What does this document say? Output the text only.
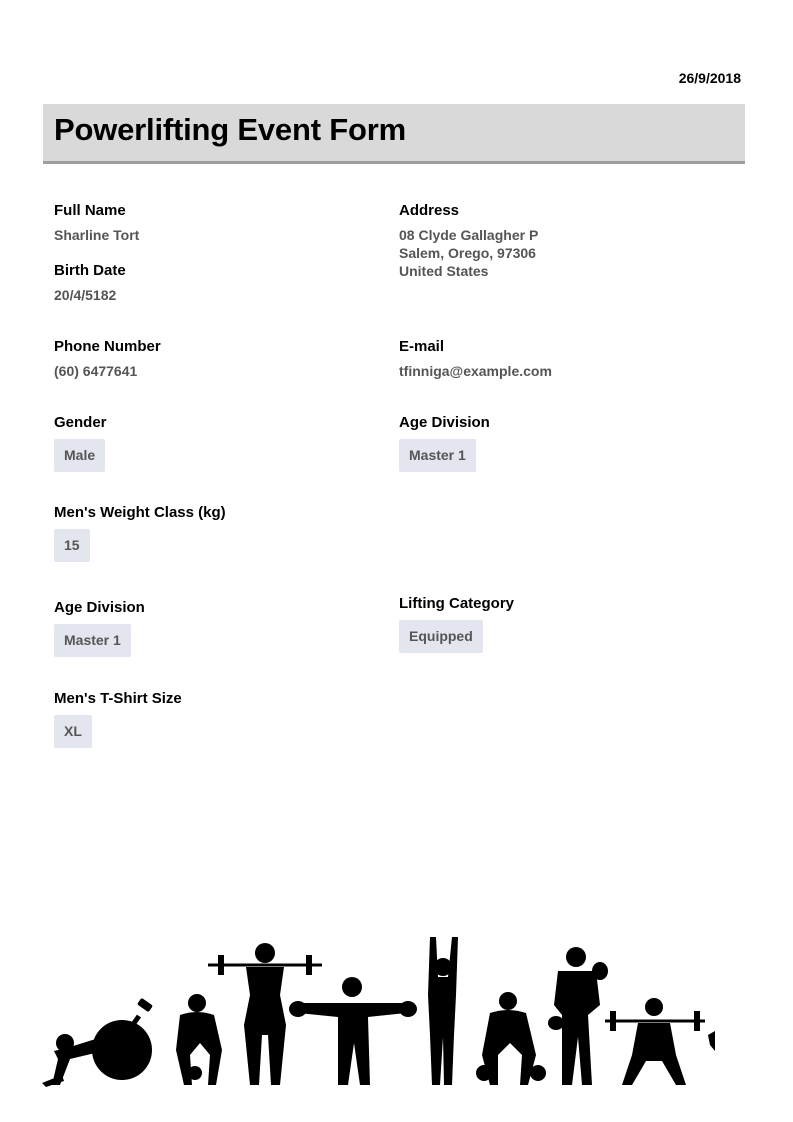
26/9/2018
Powerlifting Event Form
Full Name
Sharline Tort
Birth Date
20/4/5182
Phone Number
(60) 6477641
Gender
Male
Men's Weight Class (kg)
15
Age Division
Master 1
Men's T-Shirt Size
XL
Address
08 Clyde Gallagher P
Salem, Orego, 97306
United States
E-mail
tfinniga@example.com
Age Division
Master 1
Lifting Category
Equipped
